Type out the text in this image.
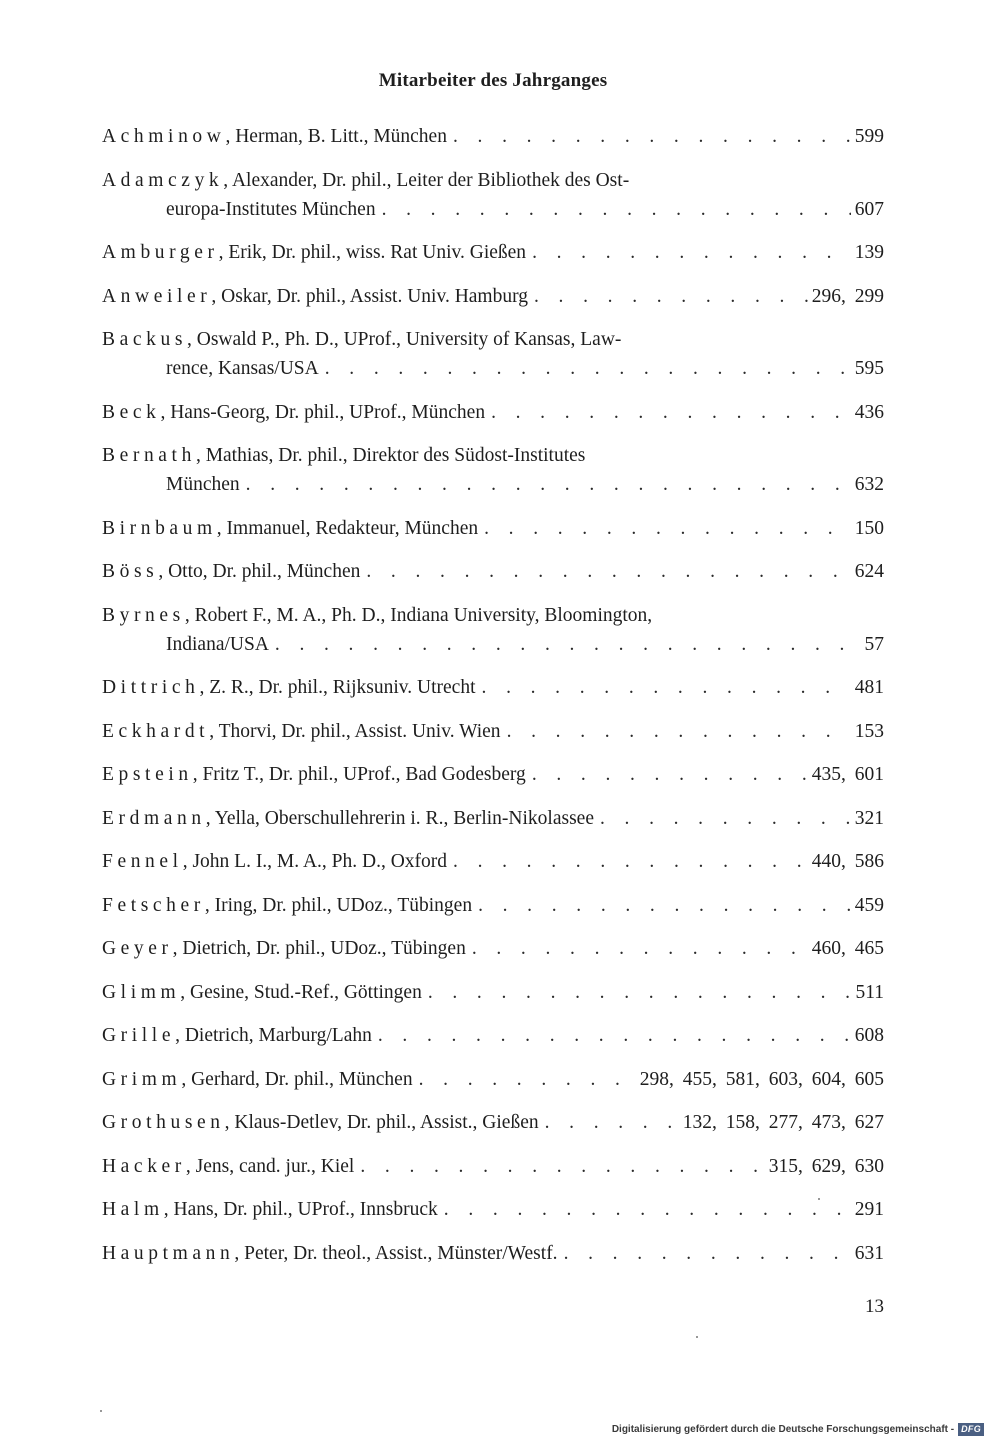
Mitarbeiter des Jahrganges
Achminow , Herman, B. Litt., München . . .	599
Adamczyk, Alexander, Dr. phil., Leiter der Bibliothek des Ost-
europa-Institutes München . . .	607
Amburger , Erik, Dr. phil., wiss. Rat Univ. Gießen . . .	139
Anweiler , Oskar, Dr. phil., Assist. Univ. Hamburg . . .	296, 299
Backus, Oswald P., Ph. D., UProf., University of Kansas, Law-
rence, Kansas/USA . . .	595
Beck , Hans-Georg, Dr. phil., UProf., München . . .	436
Bernath, Mathias, Dr. phil., Direktor des Südost-Institutes
München . . .	632
Birnbaum , Immanuel, Redakteur, München . . .	150
Böss , Otto, Dr. phil., München . . .	624
Byrnes, Robert F., M. A., Ph. D., Indiana University, Bloomington,
Indiana/USA . . .	57
Dittrich , Z. R., Dr. phil., Rijksuniv. Utrecht . . .	481
Eckhardt , Thorvi, Dr. phil., Assist. Univ. Wien . . .	153
Epstein , Fritz T., Dr. phil., UProf., Bad Godesberg . . .	435, 601
Erdmann , Yella, Oberschullehrerin i. R., Berlin-Nikolassee . . .	321
Fennel , John L. I., M. A., Ph. D., Oxford . . .	440, 586
Fetscher , Iring, Dr. phil., UDoz., Tübingen . . .	459
Geyer , Dietrich, Dr. phil., UDoz., Tübingen . . .	460, 465
Glimm , Gesine, Stud.-Ref., Göttingen . . .	511
Grille , Dietrich, Marburg/Lahn . . .	608
Grimm , Gerhard, Dr. phil., München . . .	298, 455, 581, 603, 604, 605
Grothusen , Klaus-Detlev, Dr. phil., Assist., Gießen . . .	132, 158, 277, 473, 627
Hacker , Jens, cand. jur., Kiel . . .	315, 629, 630
Halm , Hans, Dr. phil., UProf., Innsbruck . . .	291
Hauptmann , Peter, Dr. theol., Assist., Münster/Westf. . . .	631
13
Digitalisierung gefördert durch die Deutsche Forschungsgemeinschaft - DFG
